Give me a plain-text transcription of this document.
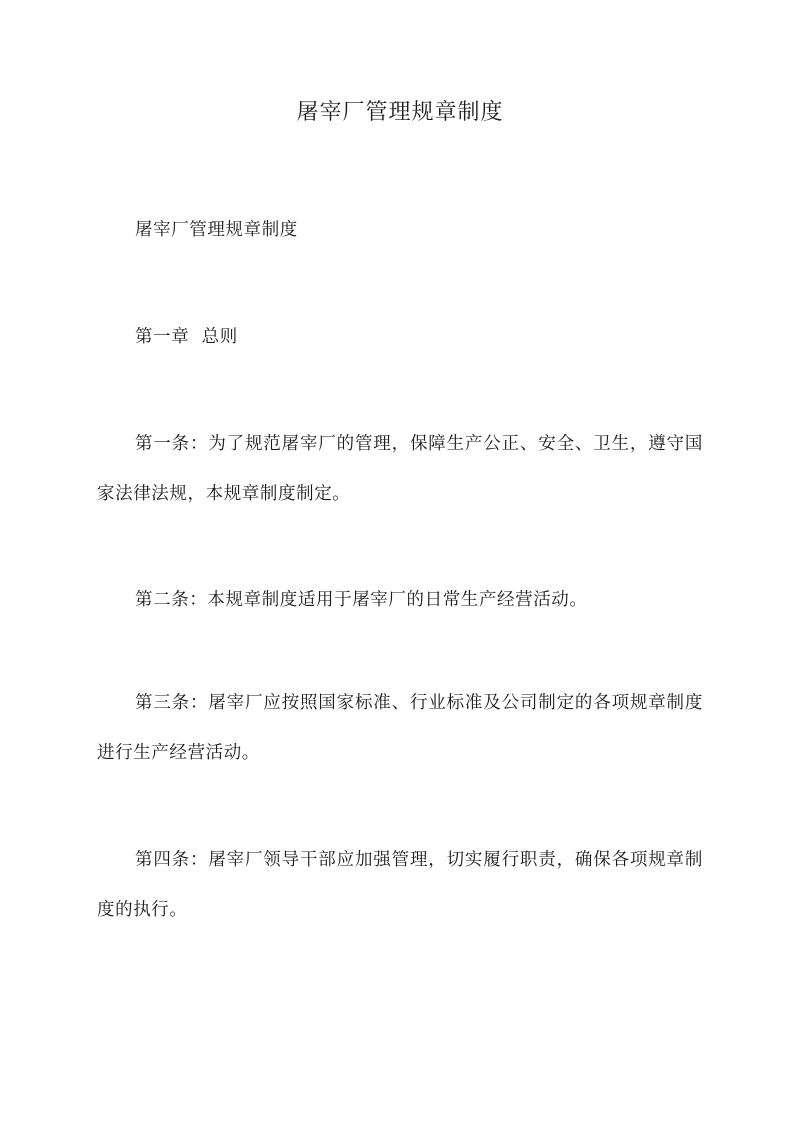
屠宰厂管理规章制度

屠宰厂管理规章制度

第一章  总则

第一条：为了规范屠宰厂的管理，保障生产公正、安全、卫生，遵守国家法律法规，本规章制度制定。

第二条：本规章制度适用于屠宰厂的日常生产经营活动。

第三条：屠宰厂应按照国家标准、行业标准及公司制定的各项规章制度进行生产经营活动。

第四条：屠宰厂领导干部应加强管理，切实履行职责，确保各项规章制度的执行。
